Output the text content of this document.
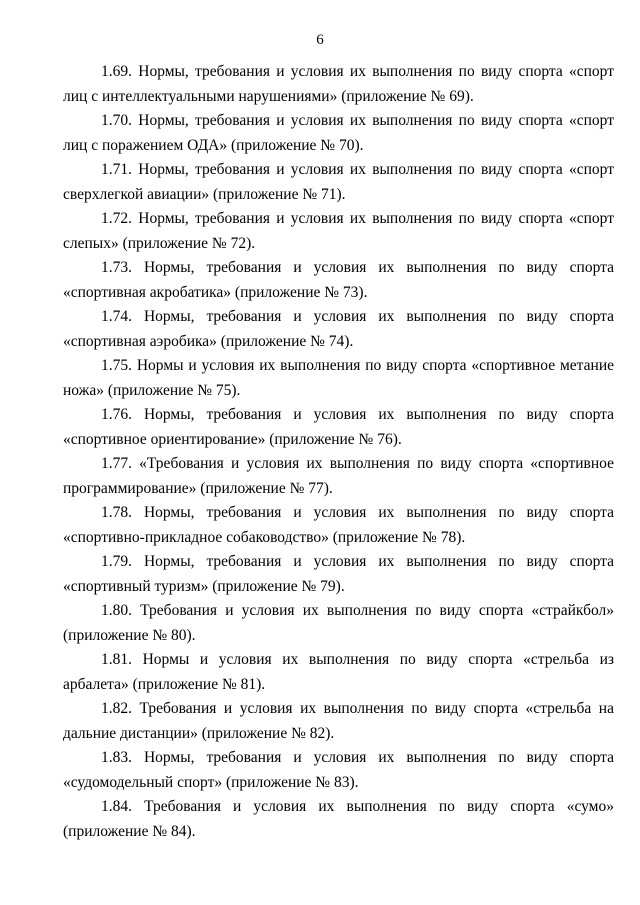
6

1.69. Нормы, требования и условия их выполнения по виду спорта «спорт лиц с интеллектуальными нарушениями» (приложение № 69).

1.70. Нормы, требования и условия их выполнения по виду спорта «спорт лиц с поражением ОДА» (приложение № 70).

1.71. Нормы, требования и условия их выполнения по виду спорта «спорт сверхлегкой авиации» (приложение № 71).

1.72. Нормы, требования и условия их выполнения по виду спорта «спорт слепых» (приложение № 72).

1.73. Нормы, требования и условия их выполнения по виду спорта «спортивная акробатика» (приложение № 73).

1.74. Нормы, требования и условия их выполнения по виду спорта «спортивная аэробика» (приложение № 74).

1.75. Нормы и условия их выполнения по виду спорта «спортивное метание ножа» (приложение № 75).

1.76. Нормы, требования и условия их выполнения по виду спорта «спортивное ориентирование» (приложение № 76).

1.77. «Требования и условия их выполнения по виду спорта «спортивное программирование» (приложение № 77).

1.78. Нормы, требования и условия их выполнения по виду спорта «спортивно-прикладное собаководство» (приложение № 78).

1.79. Нормы, требования и условия их выполнения по виду спорта «спортивный туризм» (приложение № 79).

1.80. Требования и условия их выполнения по виду спорта «страйкбол» (приложение № 80).

1.81. Нормы и условия их выполнения по виду спорта «стрельба из арбалета» (приложение № 81).

1.82. Требования и условия их выполнения по виду спорта «стрельба на дальние дистанции» (приложение № 82).

1.83. Нормы, требования и условия их выполнения по виду спорта «судомодельный спорт» (приложение № 83).

1.84. Требования и условия их выполнения по виду спорта «сумо» (приложение № 84).
